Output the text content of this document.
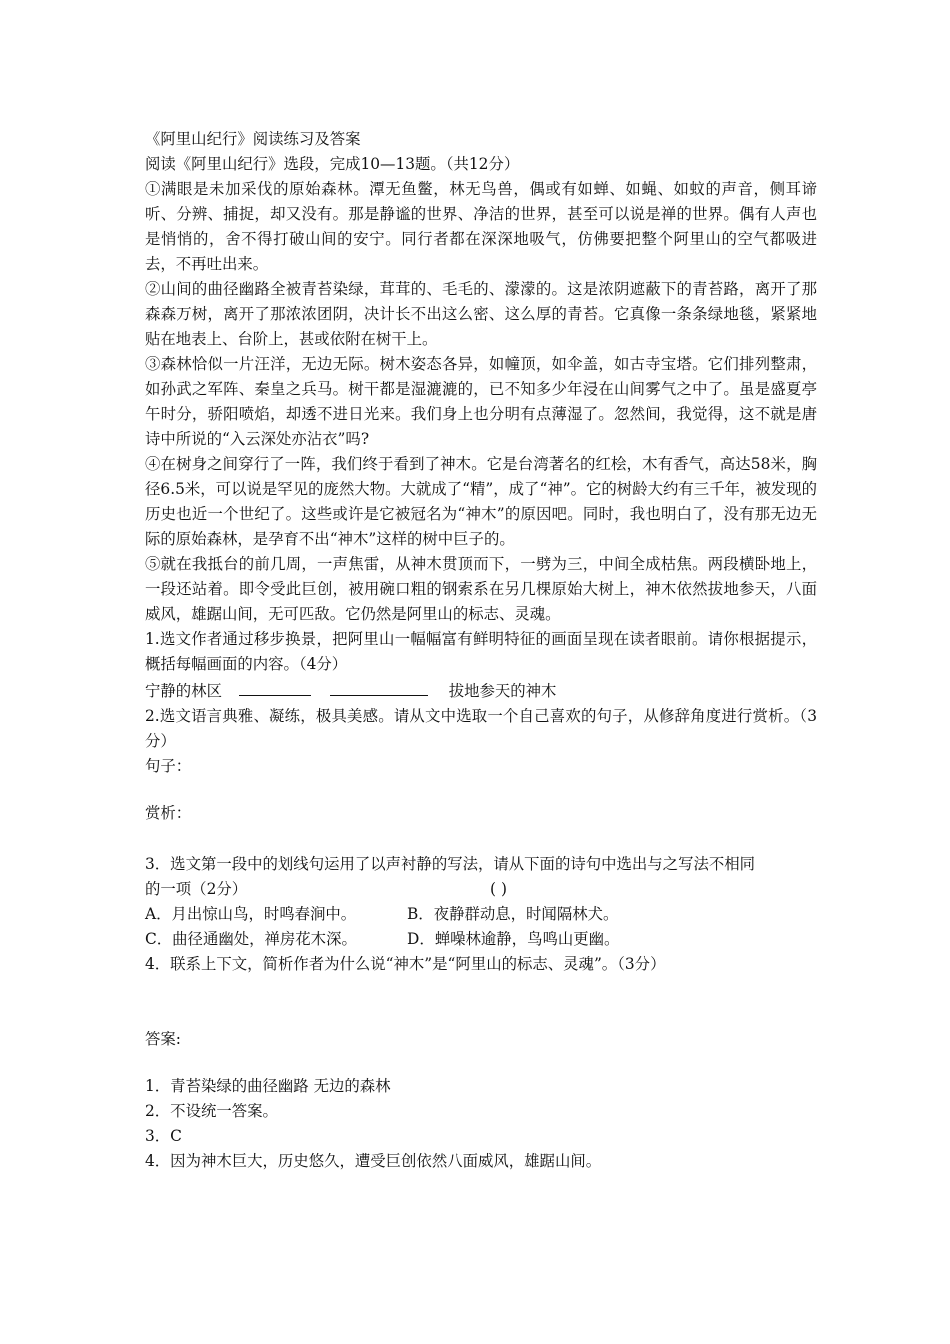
《阿里山纪行》阅读练习及答案
阅读《阿里山纪行》选段，完成10—13题。（共12分）
①满眼是未加采伐的原始森林。潭无鱼鳖，林无鸟兽，偶或有如蝉、如蝇、如蚊的声音，侧耳谛听、分辨、捕捉，却又没有。那是静谧的世界、净洁的世界，甚至可以说是禅的世界。偶有人声也是悄悄的，舍不得打破山间的安宁。同行者都在深深地吸气，仿佛要把整个阿里山的空气都吸进去，不再吐出来。
②山间的曲径幽路全被青苔染绿，茸茸的、毛毛的、濛濛的。这是浓阴遮蔽下的青苔路，离开了那森森万树，离开了那浓浓团阴，决计长不出这么密、这么厚的青苔。它真像一条条绿地毯，紧紧地贴在地表上、台阶上，甚或依附在树干上。
③森林恰似一片汪洋，无边无际。树木姿态各异，如幢顶，如伞盖，如古寺宝塔。它们排列整肃，如孙武之军阵、秦皇之兵马。树干都是湿漉漉的，已不知多少年浸在山间雾气之中了。虽是盛夏亭午时分，骄阳喷焰，却透不进日光来。我们身上也分明有点薄湿了。忽然间，我觉得，这不就是唐诗中所说的“入云深处亦沾衣”吗?
④在树身之间穿行了一阵，我们终于看到了神木。它是台湾著名的红桧，木有香气，高达58米，胸径6.5米，可以说是罕见的庞然大物。大就成了“精”，成了“神”。它的树龄大约有三千年，被发现的历史也近一个世纪了。这些或许是它被冠名为“神木”的原因吧。同时，我也明白了，没有那无边无际的原始森林，是孕育不出“神木”这样的树中巨子的。
⑤就在我抵台的前几周，一声焦雷，从神木贯顶而下，一劈为三，中间全成枯焦。两段横卧地上，一段还站着。即令受此巨创，被用碗口粗的钢索系在另几棵原始大树上，神木依然拔地参天，八面威风，雄踞山间，无可匹敌。它仍然是阿里山的标志、灵魂。
1.选文作者通过移步换景，把阿里山一幅幅富有鲜明特征的画面呈现在读者眼前。请你根据提示，概括每幅画面的内容。（4分）
宁静的林区	拔地参天的神木
2.选文语言典雅、凝练，极具美感。请从文中选取一个自己喜欢的句子，从修辞角度进行赏析。（3分）
句子：
赏析：
3．选文第一段中的划线句运用了以声衬静的写法，请从下面的诗句中选出与之写法不相同
的一项（2分）	( )
A．月出惊山鸟，时鸣春涧中。	B．夜静群动息，时闻隔林犬。
C．曲径通幽处，禅房花木深。	D．蝉噪林逾静，鸟鸣山更幽。
4．联系上下文，简析作者为什么说“神木”是“阿里山的标志、灵魂”。（3分）
答案:
1．青苔染绿的曲径幽路 无边的森林
2．不设统一答案。
3．C
4．因为神木巨大，历史悠久，遭受巨创依然八面威风，雄踞山间。
